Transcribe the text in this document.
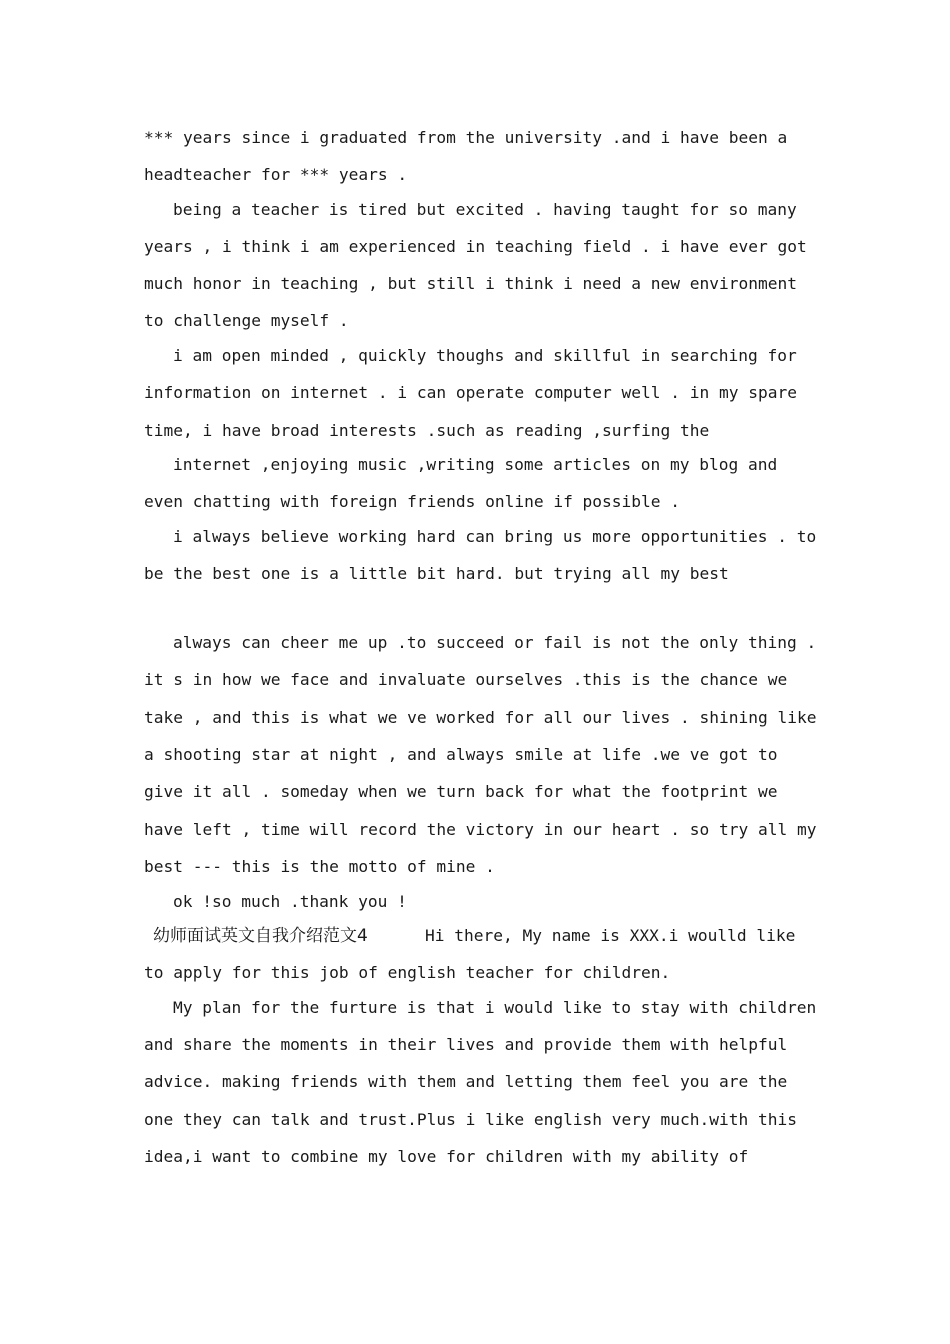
*** years since i graduated from the university .and i have been a
headteacher for *** years .
being a teacher is tired but excited . having taught for so many
years , i think i am experienced in teaching field . i have ever got
much honor in teaching , but still i think i need a new environment
to challenge myself .
i am open minded , quickly thoughs and skillful in searching for
information on internet . i can operate computer well . in my spare
time, i have broad interests .such as reading ,surfing the
internet ,enjoying music ,writing some articles on my blog and
even chatting with foreign friends online if possible .
i always believe working hard can bring us more opportunities . to
be the best one is a little bit hard. but trying all my best
always can cheer me up .to succeed or fail is not the only thing .
it s in how we face and invaluate ourselves .this is the chance we
take , and this is what we ve worked for all our lives . shining like
a shooting star at night , and always smile at life .we ve got to
give it all . someday when we turn back for what the footprint we
have left , time will record the victory in our heart . so try all my
best --- this is the motto of mine .
ok !so much .thank you !
幼师面试英文自我介绍范文4	Hi there, My name is XXX.i woulld like
to apply for this job of english teacher for children.
My plan for the furture is that i would like to stay with children
and share the moments in their lives and provide them with helpful
advice. making friends with them and letting them feel you are the
one they can talk and trust.Plus i like english very much.with this
idea,i want to combine my love for children with my ability of
